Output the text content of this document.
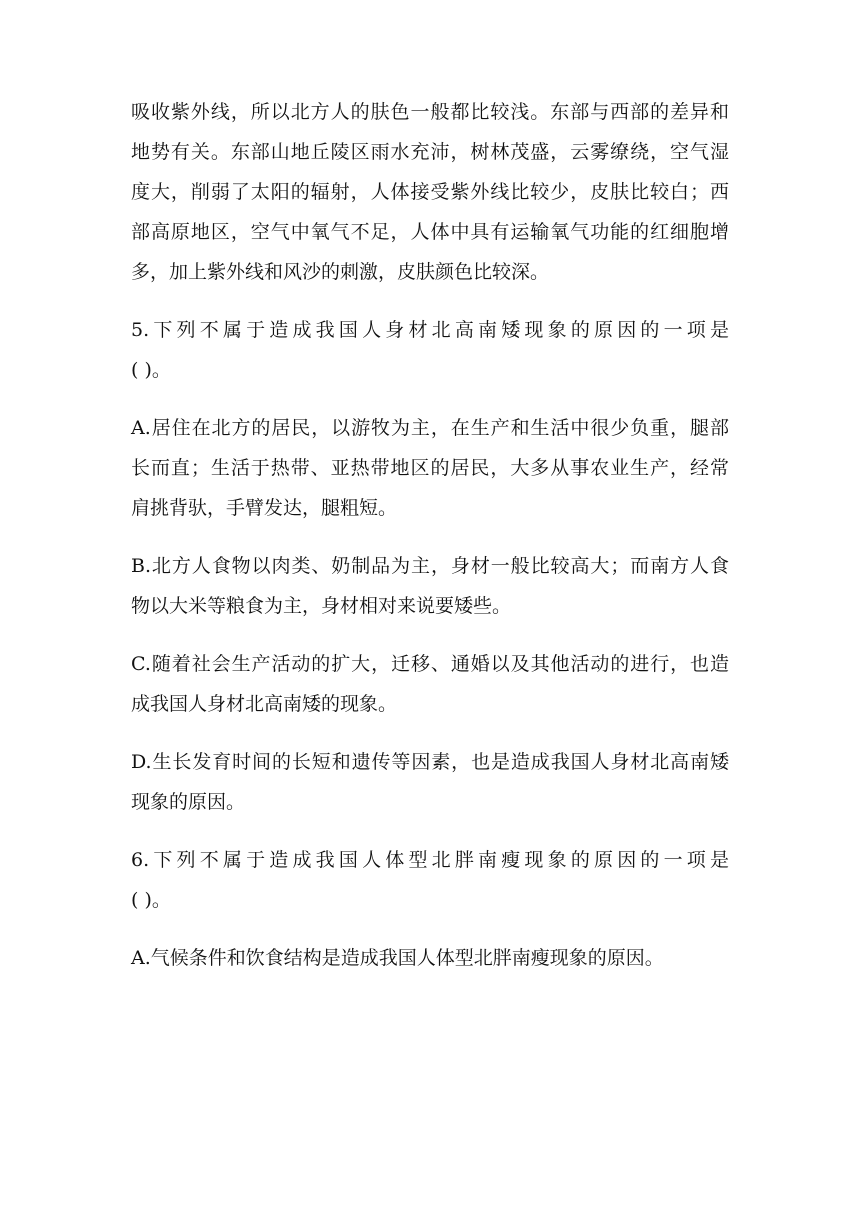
吸收紫外线，所以北方人的肤色一般都比较浅。东部与西部的差异和
地势有关。东部山地丘陵区雨水充沛，树林茂盛，云雾缭绕，空气湿
度大，削弱了太阳的辐射，人体接受紫外线比较少，皮肤比较白；西
部高原地区，空气中氧气不足，人体中具有运输氧气功能的红细胞增
多，加上紫外线和风沙的刺激，皮肤颜色比较深。

5.下列不属于造成我国人身材北高南矮现象的原因的一项是
( )。

A.居住在北方的居民，以游牧为主，在生产和生活中很少负重，腿部
长而直；生活于热带、亚热带地区的居民，大多从事农业生产，经常
肩挑背驮，手臂发达，腿粗短。

B.北方人食物以肉类、奶制品为主，身材一般比较高大；而南方人食
物以大米等粮食为主，身材相对来说要矮些。

C.随着社会生产活动的扩大，迁移、通婚以及其他活动的进行，也造
成我国人身材北高南矮的现象。

D.生长发育时间的长短和遗传等因素，也是造成我国人身材北高南矮
现象的原因。

6.下列不属于造成我国人体型北胖南瘦现象的原因的一项是
( )。

A.气候条件和饮食结构是造成我国人体型北胖南瘦现象的原因。
